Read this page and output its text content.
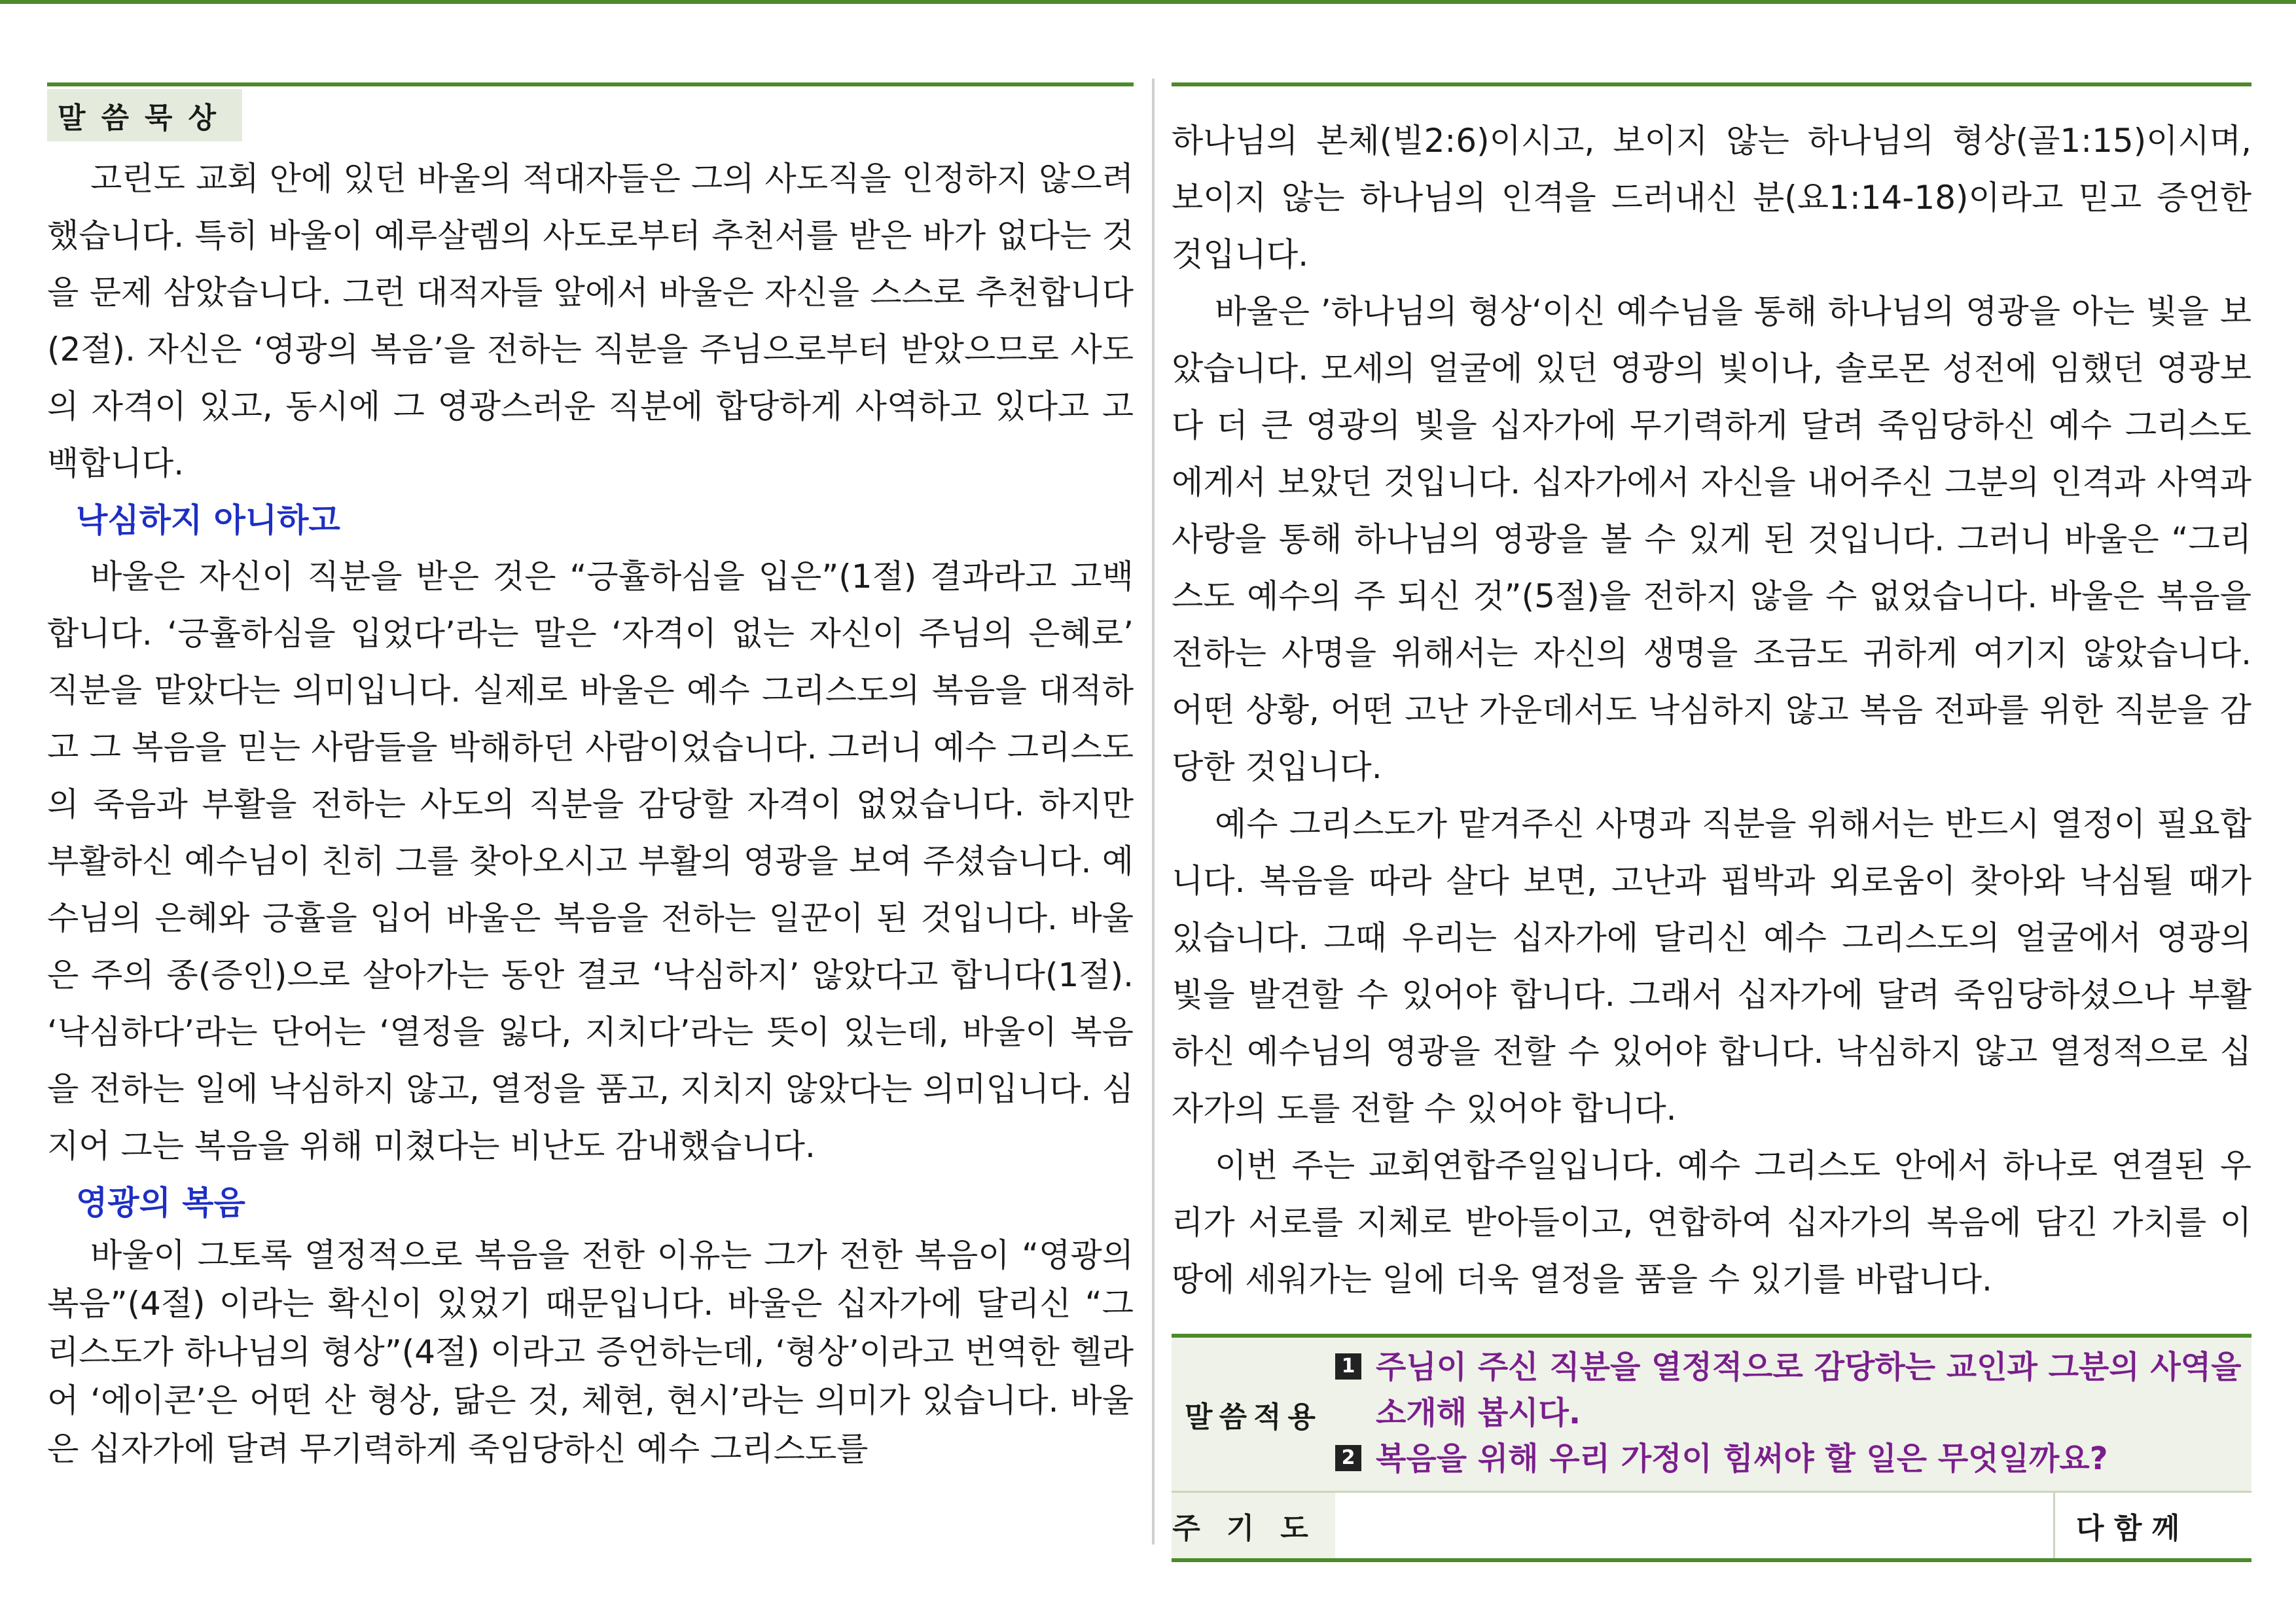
말씀묵상

고린도 교회 안에 있던 바울의 적대자들은 그의 사도직을 인정하지 않으려 했습니다. 특히 바울이 예루살렘의 사도로부터 추천서를 받은 바가 없다는 것을 문제 삼았습니다. 그런 대적자들 앞에서 바울은 자신을 스스로 추천합니다(2절). 자신은 ‘영광의 복음’을 전하는 직분을 주님으로부터 받았으므로 사도의 자격이 있고, 동시에 그 영광스러운 직분에 합당하게 사역하고 있다고 고백합니다.

낙심하지 아니하고

바울은 자신이 직분을 받은 것은 “긍휼하심을 입은”(1절) 결과라고 고백합니다. ‘긍휼하심을 입었다’라는 말은 ‘자격이 없는 자신이 주님의 은혜로’ 직분을 맡았다는 의미입니다. 실제로 바울은 예수 그리스도의 복음을 대적하고 그 복음을 믿는 사람들을 박해하던 사람이었습니다. 그러니 예수 그리스도의 죽음과 부활을 전하는 사도의 직분을 감당할 자격이 없었습니다. 하지만 부활하신 예수님이 친히 그를 찾아오시고 부활의 영광을 보여 주셨습니다. 예수님의 은혜와 긍휼을 입어 바울은 복음을 전하는 일꾼이 된 것입니다. 바울은 주의 종(증인)으로 살아가는 동안 결코 ‘낙심하지’ 않았다고 합니다(1절). ‘낙심하다’라는 단어는 ‘열정을 잃다, 지치다’라는 뜻이 있는데, 바울이 복음을 전하는 일에 낙심하지 않고, 열정을 품고, 지치지 않았다는 의미입니다. 심지어 그는 복음을 위해 미쳤다는 비난도 감내했습니다.

영광의 복음

바울이 그토록 열정적으로 복음을 전한 이유는 그가 전한 복음이 “영광의 복음”(4절) 이라는 확신이 있었기 때문입니다. 바울은 십자가에 달리신 “그리스도가 하나님의 형상”(4절) 이라고 증언하는데, ‘형상’이라고 번역한 헬라어 ‘에이콘’은 어떤 산 형상, 닮은 것, 체현, 현시’라는 의미가 있습니다. 바울은 십자가에 달려 무기력하게 죽임당하신 예수 그리스도를

하나님의 본체(빌2:6)이시고, 보이지 않는 하나님의 형상(골1:15)이시며, 보이지 않는 하나님의 인격을 드러내신 분(요1:14-18)이라고 믿고 증언한 것입니다.

바울은 ’하나님의 형상‘이신 예수님을 통해 하나님의 영광을 아는 빛을 보았습니다. 모세의 얼굴에 있던 영광의 빛이나, 솔로몬 성전에 임했던 영광보다 더 큰 영광의 빛을 십자가에 무기력하게 달려 죽임당하신 예수 그리스도에게서 보았던 것입니다. 십자가에서 자신을 내어주신 그분의 인격과 사역과 사랑을 통해 하나님의 영광을 볼 수 있게 된 것입니다. 그러니 바울은 “그리스도 예수의 주 되신 것”(5절)을 전하지 않을 수 없었습니다. 바울은 복음을 전하는 사명을 위해서는 자신의 생명을 조금도 귀하게 여기지 않았습니다. 어떤 상황, 어떤 고난 가운데서도 낙심하지 않고 복음 전파를 위한 직분을 감당한 것입니다.

예수 그리스도가 맡겨주신 사명과 직분을 위해서는 반드시 열정이 필요합니다. 복음을 따라 살다 보면, 고난과 핍박과 외로움이 찾아와 낙심될 때가 있습니다. 그때 우리는 십자가에 달리신 예수 그리스도의 얼굴에서 영광의 빛을 발견할 수 있어야 합니다. 그래서 십자가에 달려 죽임당하셨으나 부활하신 예수님의 영광을 전할 수 있어야 합니다. 낙심하지 않고 열정적으로 십자가의 도를 전할 수 있어야 합니다.

이번 주는 교회연합주일입니다. 예수 그리스도 안에서 하나로 연결된 우리가 서로를 지체로 받아들이고, 연합하여 십자가의 복음에 담긴 가치를 이 땅에 세워가는 일에 더욱 열정을 품을 수 있기를 바랍니다.

말씀적용
1 주님이 주신 직분을 열정적으로 감당하는 교인과 그분의 사역을 소개해 봅시다.
2 복음을 위해 우리 가정이 힘써야 할 일은 무엇일까요?
주기도	다 함 께
